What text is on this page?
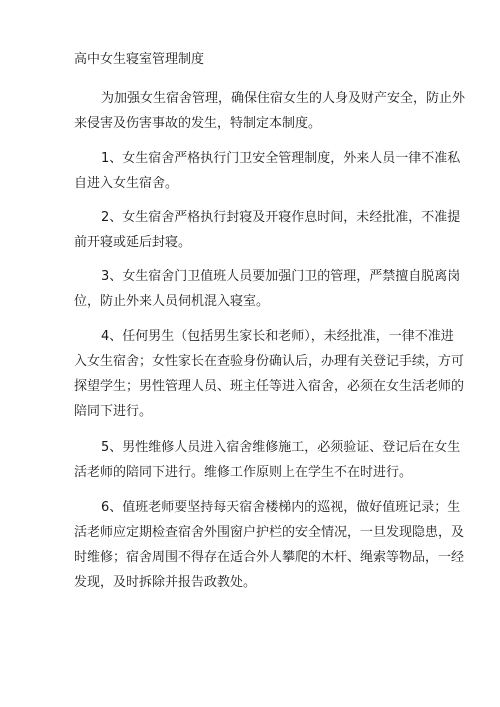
高中女生寝室管理制度
为加强女生宿舍管理，确保住宿女生的人身及财产安全，防止外
来侵害及伤害事故的发生，特制定本制度。
1、女生宿舍严格执行门卫安全管理制度，外来人员一律不准私
自进入女生宿舍。
2、女生宿舍严格执行封寝及开寝作息时间，未经批准，不准提
前开寝或延后封寝。
3、女生宿舍门卫值班人员要加强门卫的管理，严禁擅自脱离岗
位，防止外来人员伺机混入寝室。
4、任何男生（包括男生家长和老师），未经批准，一律不准进
入女生宿舍；女性家长在查验身份确认后，办理有关登记手续，方可
探望学生；男性管理人员、班主任等进入宿舍，必须在女生活老师的
陪同下进行。
5、男性维修人员进入宿舍维修施工，必须验证、登记后在女生
活老师的陪同下进行。维修工作原则上在学生不在时进行。
6、值班老师要坚持每天宿舍楼梯内的巡视，做好值班记录；生
活老师应定期检查宿舍外围窗户护栏的安全情况，一旦发现隐患，及
时维修；宿舍周围不得存在适合外人攀爬的木杆、绳索等物品，一经
发现，及时拆除并报告政教处。
